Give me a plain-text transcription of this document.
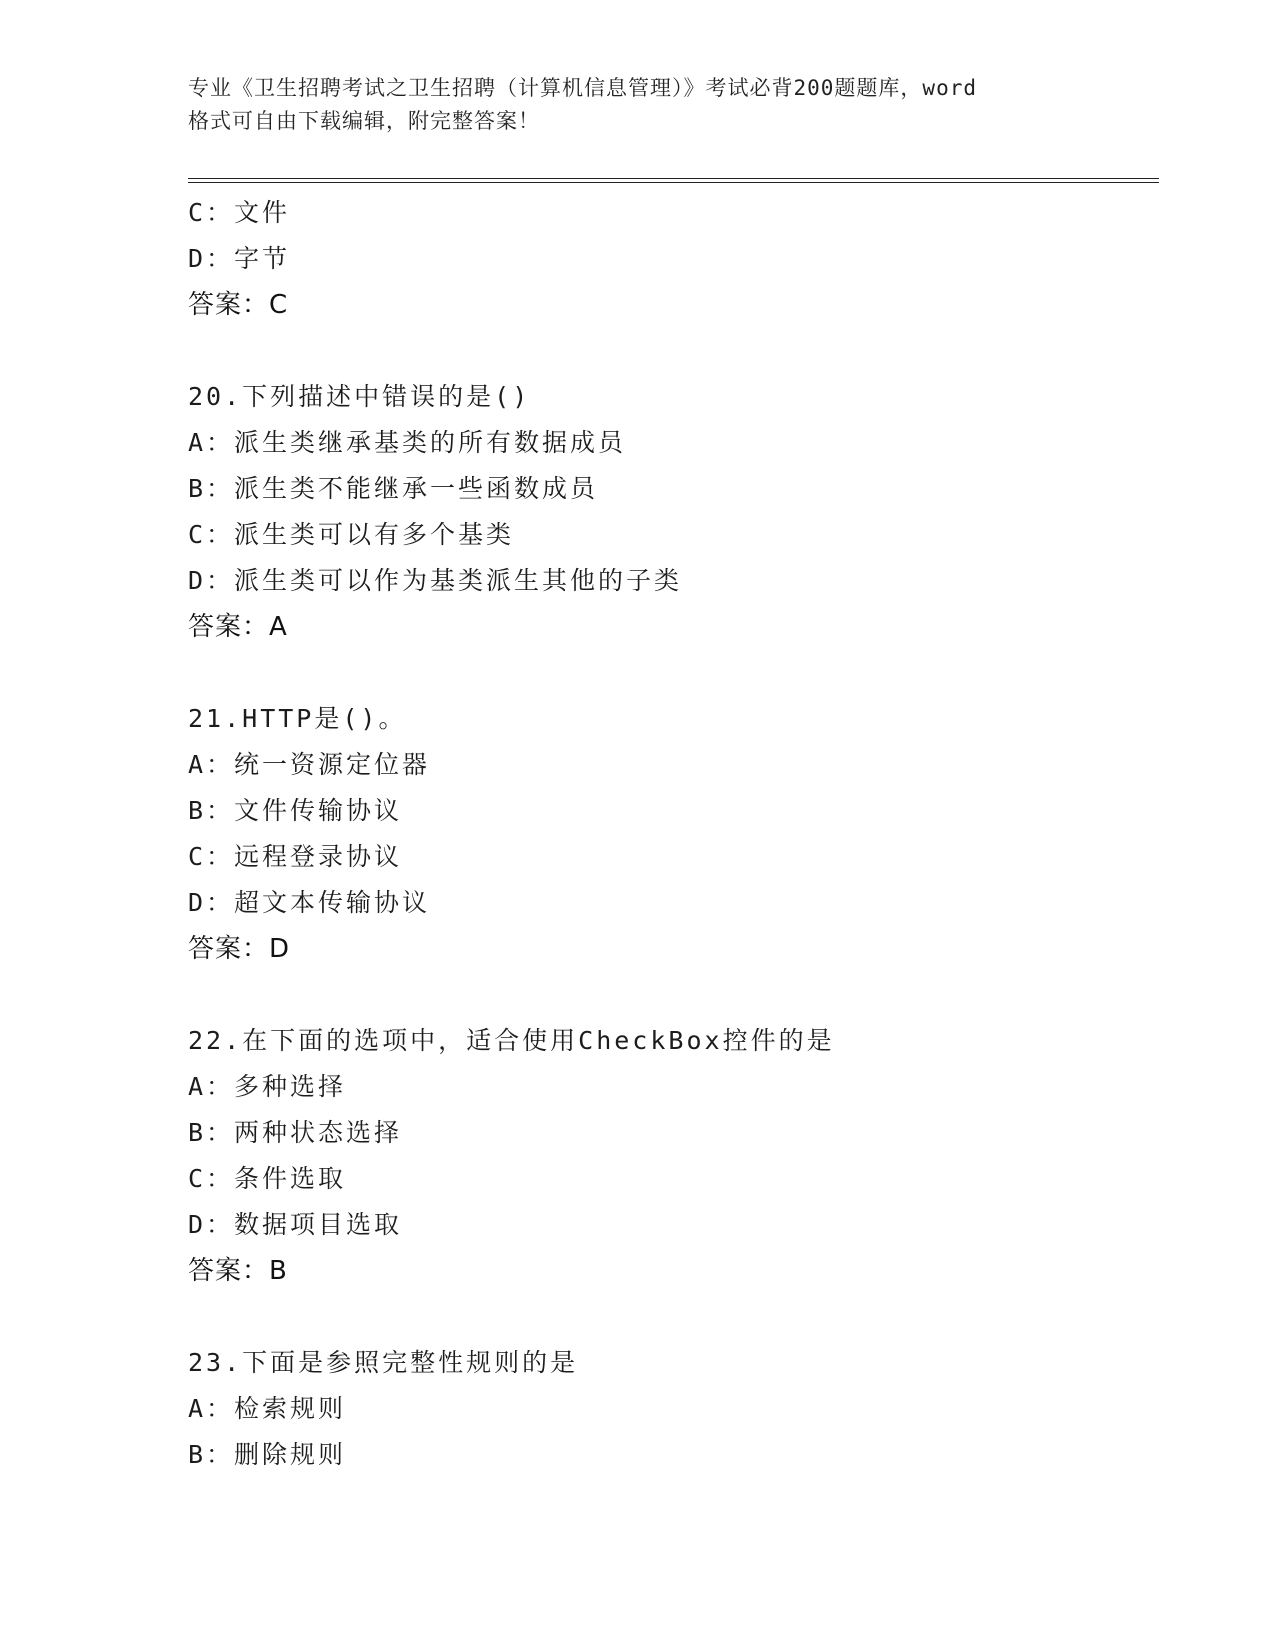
专业《卫生招聘考试之卫生招聘（计算机信息管理）》考试必背200题题库，word
格式可自由下载编辑，附完整答案！
C：文件
D：字节
答案：C
20.下列描述中错误的是()
A：派生类继承基类的所有数据成员
B：派生类不能继承一些函数成员
C：派生类可以有多个基类
D：派生类可以作为基类派生其他的子类
答案：A
21.HTTP是()。
A：统一资源定位器
B：文件传输协议
C：远程登录协议
D：超文本传输协议
答案：D
22.在下面的选项中，适合使用CheckBox控件的是
A：多种选择
B：两种状态选择
C：条件选取
D：数据项目选取
答案：B
23.下面是参照完整性规则的是
A：检索规则
B：删除规则
